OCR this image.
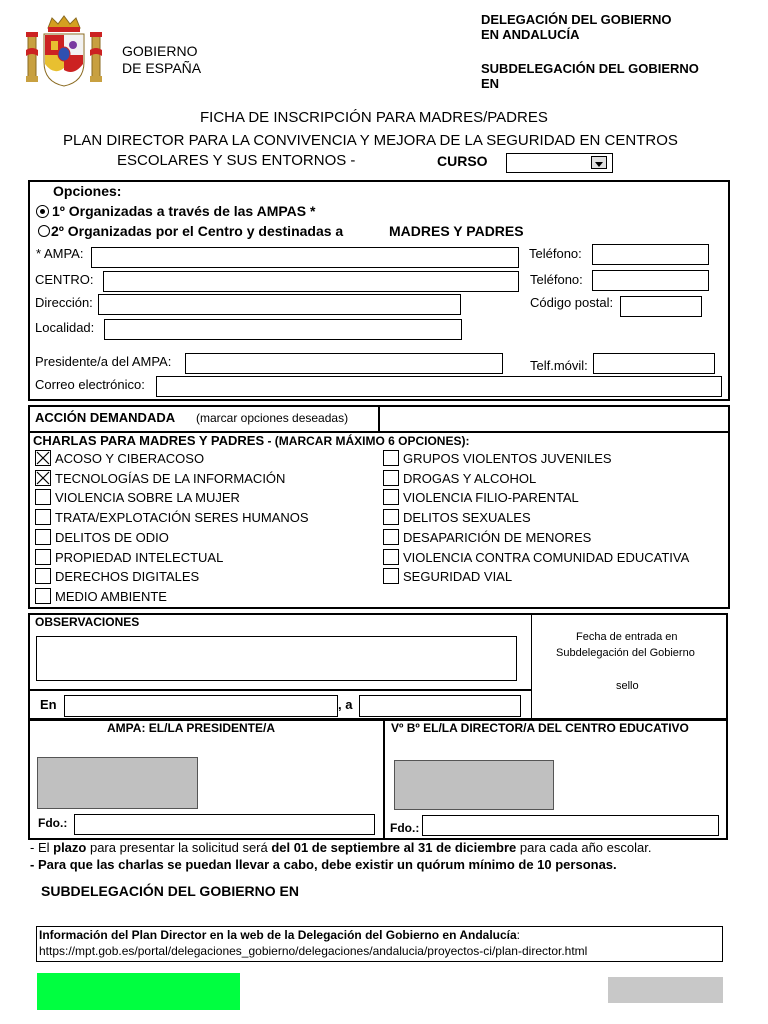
GOBIERNO
DE ESPAÑA
DELEGACIÓN DEL GOBIERNO
EN ANDALUCÍA
SUBDELEGACIÓN DEL GOBIERNO
EN
FICHA DE INSCRIPCIÓN PARA MADRES/PADRES
PLAN DIRECTOR PARA LA CONVIVENCIA Y MEJORA DE LA SEGURIDAD EN CENTROS
ESCOLARES Y SUS ENTORNOS -	CURSO
Opciones:
1º Organizadas a través de las AMPAS *
2º Organizadas por el Centro y destinadas a	MADRES Y PADRES
* AMPA:	Teléfono:
CENTRO:	Teléfono:
Dirección:	Código postal:
Localidad:
Presidente/a del AMPA:	Telf.móvil:
Correo electrónico:
ACCIÓN DEMANDADA (marcar opciones deseadas)
CHARLAS PARA MADRES Y PADRES - (MARCAR MÁXIMO 6 OPCIONES):
ACOSO Y CIBERACOSO
TECNOLOGÍAS DE LA INFORMACIÓN
VIOLENCIA SOBRE LA MUJER
TRATA/EXPLOTACIÓN SERES HUMANOS
DELITOS DE ODIO
PROPIEDAD INTELECTUAL
DERECHOS DIGITALES
MEDIO AMBIENTE
GRUPOS VIOLENTOS JUVENILES
DROGAS Y ALCOHOL
VIOLENCIA FILIO-PARENTAL
DELITOS SEXUALES
DESAPARICIÓN DE MENORES
VIOLENCIA CONTRA COMUNIDAD EDUCATIVA
SEGURIDAD VIAL
OBSERVACIONES
En	, a
Fecha de entrada en
Subdelegación del Gobierno
sello
AMPA: EL/LA PRESIDENTE/A	Vº Bº EL/LA DIRECTOR/A DEL CENTRO EDUCATIVO
Fdo.:	Fdo.:
- El plazo para presentar la solicitud será del 01 de septiembre al 31 de diciembre para cada año escolar.
- Para que las charlas se puedan llevar a cabo, debe existir un quórum mínimo de 10 personas.
SUBDELEGACIÓN DEL GOBIERNO EN
Información del Plan Director en la web de la Delegación del Gobierno en Andalucía:
https://mpt.gob.es/portal/delegaciones_gobierno/delegaciones/andalucia/proyectos-ci/plan-director.html
